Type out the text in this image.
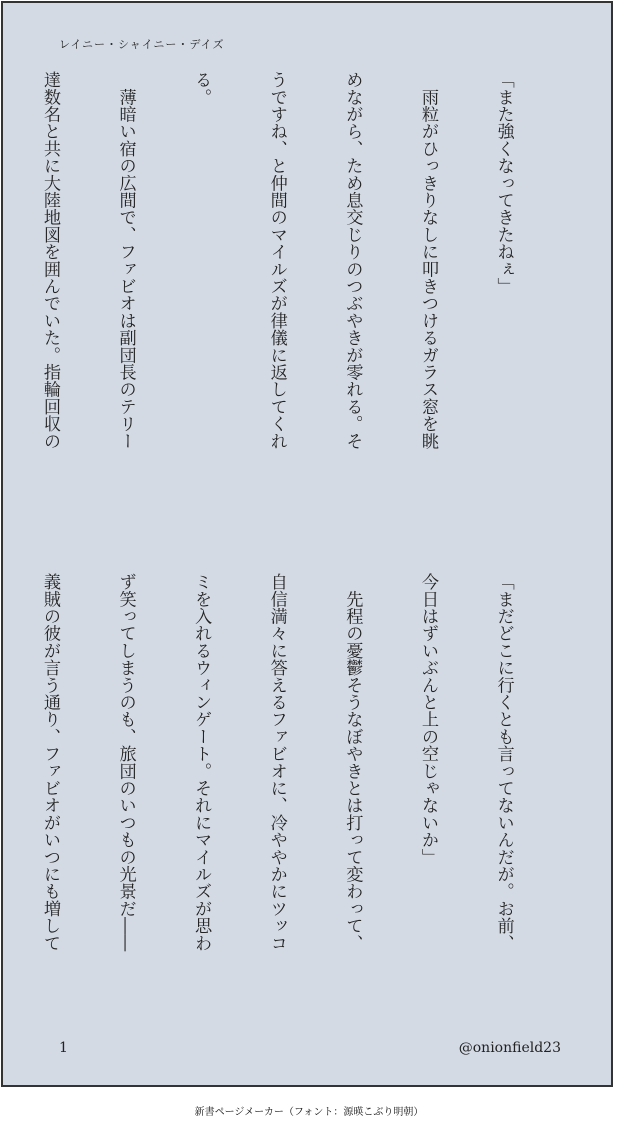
レイニー・シャイニー・デイズ

「また強くなってきたねぇ」

　雨粒がひっきりなしに叩きつけるガラス窓を眺

めながら、ため息交じりのつぶやきが零れる。そ

うですね、と仲間のマイルズが律儀に返してくれ

る。

　薄暗い宿の広間で、ファビオは副団長のテリー

達数名と共に大陸地図を囲んでいた。指輪回収の

「まだどこに行くとも言ってないんだが。お前、

今日はずいぶんと上の空じゃないか」

　先程の憂鬱そうなぼやきとは打って変わって、

自信満々に答えるファビオに、冷ややかにツッコ

ミを入れるウィンゲート。それにマイルズが思わ

ず笑ってしまうのも、旅団のいつもの光景だ――

義賊の彼が言う通り、ファビオがいつにも増して

1	@onionfield23
新書ページメーカー（フォント：源暎こぶり明朝）
